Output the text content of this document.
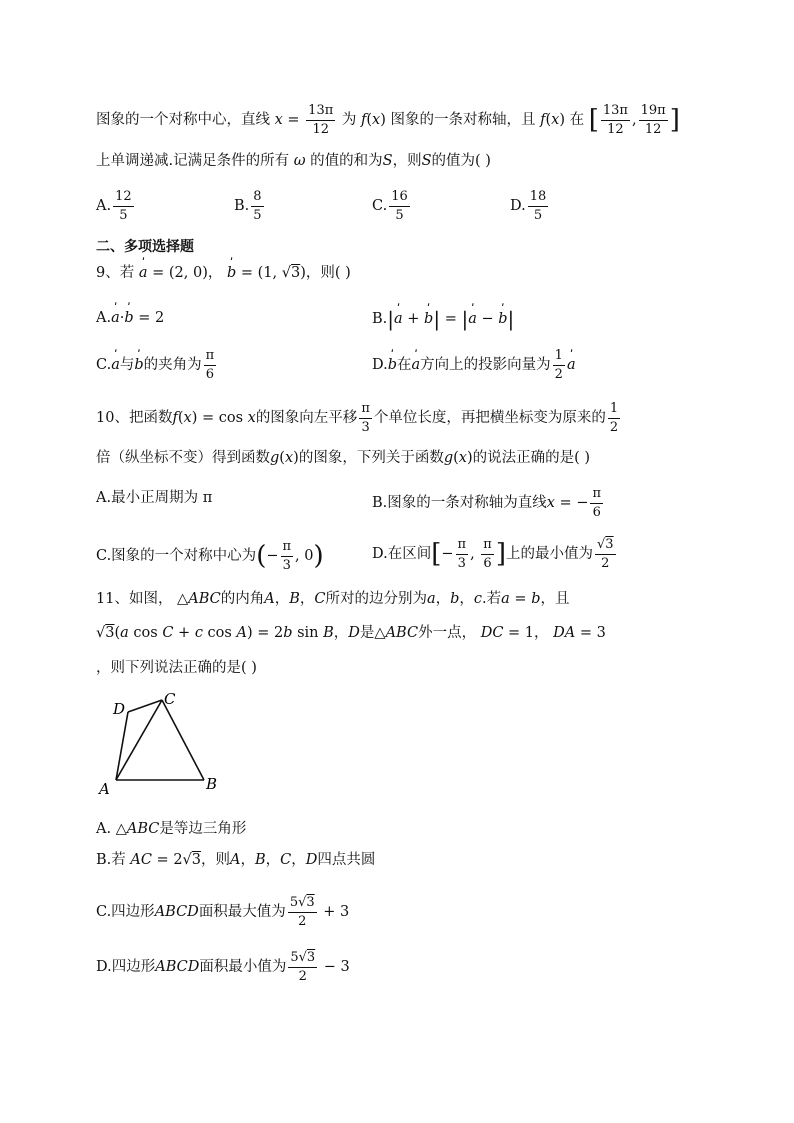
图象的一个对称中心，直线 $x = \frac{13\pi}{12}$ 为 f(x) 图象的一条对称轴，且 f(x) 在 [ $\frac{13\pi}{12}$ , $\frac{19\pi}{12}$ ]
上单调递减.记满足条件的所有 ω 的值的和为S，则S的值为( )
A. $\frac{12}{5}$	B. $\frac{8}{5}$	C. $\frac{16}{5}$	D. $\frac{18}{5}$
二、多项选择题
9、若 ˈ a = (2, 0)， ˈ b = (1, √3)，则( )
A.ˈ a·ˈ b = 2	B.|ˈ a + ˈ b| = |ˈ a − ˈ b|
C.ˈ a与ˈ b的夹角为 $\frac{\pi}{6}$	D.ˈ b在ˈ a方向上的投影向量为 $\frac{1}{2}$ ˈ a
10、把函数f(x) = cos x的图象向左平移 $\frac{\pi}{3}$ 个单位长度，再把横坐标变为原来的 $\frac{1}{2}$
倍（纵坐标不变）得到函数g(x)的图象，下列关于函数g(x)的说法正确的是( )
A.最小正周期为 π	B.图象的一条对称轴为直线x = − $\frac{\pi}{6}$
C.图象的一个对称中心为(− $\frac{\pi}{3}$ , 0)	D.在区间[− $\frac{\pi}{3}$ , $\frac{\pi}{6}$ ]上的最小值为 $\frac{√3}{2}$
11、如图， △ABC的内角A，B，C所对的边分别为a，b，c.若a = b，且
√3(a cos C + c cos A) = 2b sin B，D是△ABC外一点， DC = 1， DA = 3
，则下列说法正确的是( )
D
C
A	B
A. △ABC是等边三角形
B.若 AC = 2√3，则A，B，C，D四点共圆
C.四边形ABCD面积最大值为 $\frac{5√3}{2} + 3$
D.四边形ABCD面积最小值为 $\frac{5√3}{2} - 3$
